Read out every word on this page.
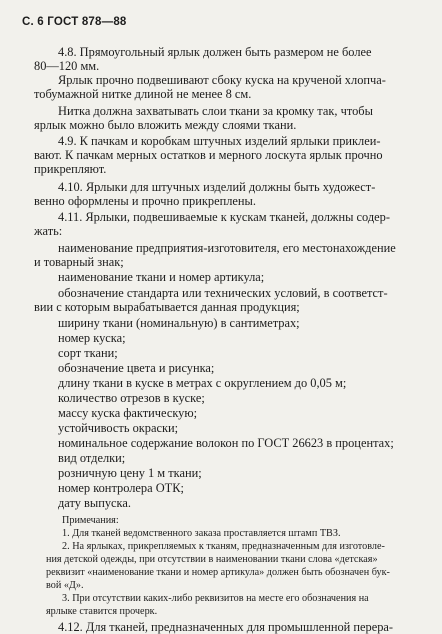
С. 6 ГОСТ 878—88
4.8. Прямоугольный ярлык должен быть размером не более
80—120 мм.
Ярлык прочно подвешивают сбоку куска на крученой хлопча-
тобумажной нитке длиной не менее 8 см.
Нитка должна захватывать слои ткани за кромку так, чтобы
ярлык можно было вложить между слоями ткани.
4.9. К пачкам и коробкам штучных изделий ярлыки приклеи-
вают. К пачкам мерных остатков и мерного лоскута ярлык прочно
прикрепляют.
4.10. Ярлыки для штучных изделий должны быть художест-
венно оформлены и прочно прикреплены.
4.11. Ярлыки, подвешиваемые к кускам тканей, должны содер-
жать:
наименование предприятия-изготовителя, его местонахождение
и товарный знак;
наименование ткани и номер артикула;
обозначение стандарта или технических условий, в соответст-
вии с которым вырабатывается данная продукция;
ширину ткани (номинальную) в сантиметрах;
номер куска;
сорт ткани;
обозначение цвета и рисунка;
длину ткани в куске в метрах с округлением до 0,05 м;
количество отрезов в куске;
массу куска фактическую;
устойчивость окраски;
номинальное содержание волокон по ГОСТ 26623 в процентах;
вид отделки;
розничную цену 1 м ткани;
номер контролера ОТК;
дату выпуска.
Примечания:
1. Для тканей ведомственного заказа проставляется штамп ТВЗ.
2. На ярлыках, прикрепляемых к тканям, предназначенным для изготовле-
ния детской одежды, при отсутствии в наименовании ткани слова «детская»
реквизит «наименование ткани и номер артикула» должен быть обозначен бук-
вой «Д».
3. При отсутствии каких-либо реквизитов на месте его обозначения на
ярлыке ставится прочерк.
4.12. Для тканей, предназначенных для промышленной перера-
